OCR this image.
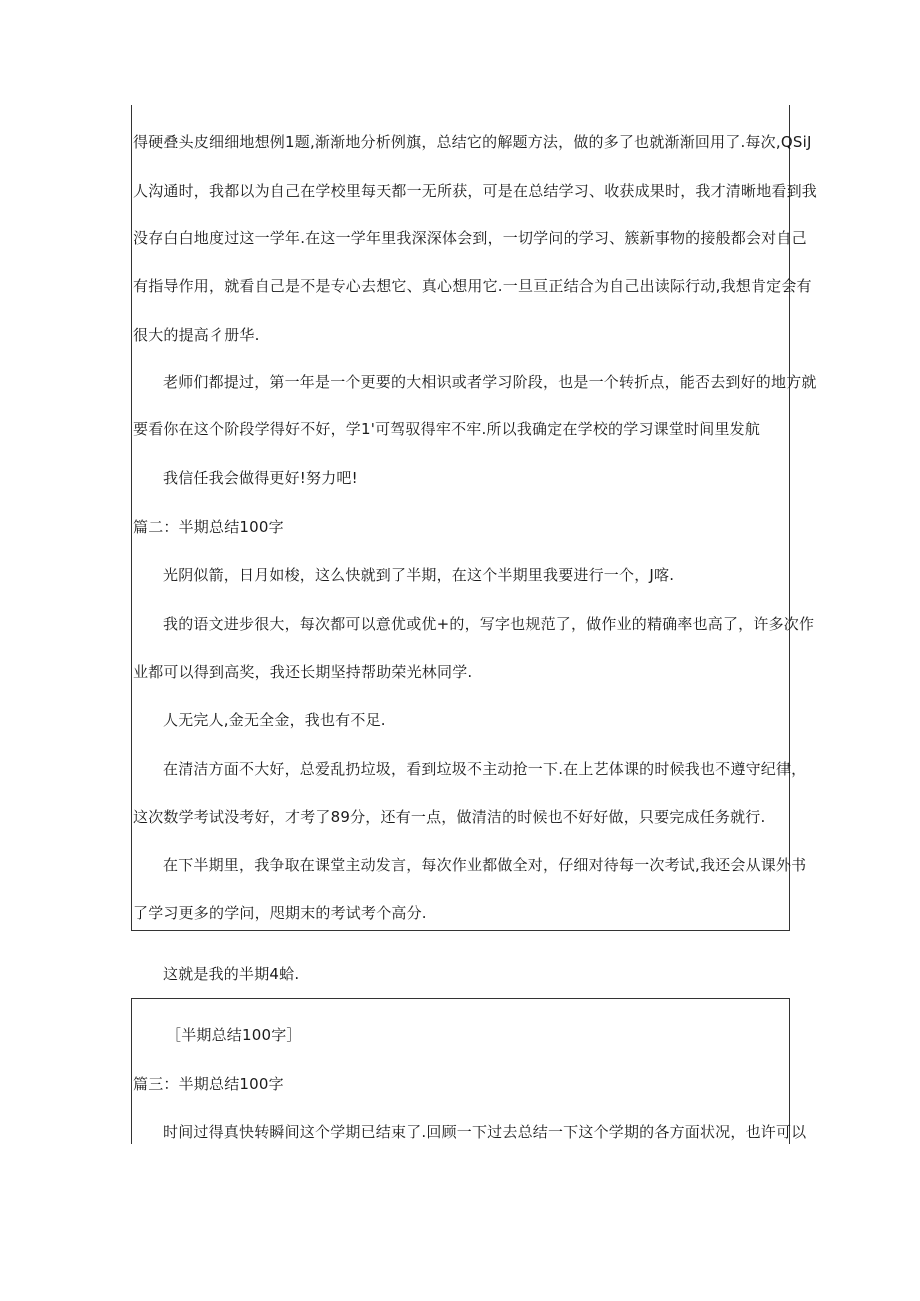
得硬叠头皮细细地想例1题,渐渐地分析例旗，总结它的解题方法，做的多了也就渐渐回用了.每次,QSiJ
人沟通时，我都以为自己在学校里每天都一无所获，可是在总结学习、收获成果时，我才清晰地看到我
没存白白地度过这一学年.在这一学年里我深深体会到，一切学问的学习、簇新事物的接般都会对自己
有指导作用，就看自己是不是专心去想它、真心想用它.一旦亘正结合为自己出读际行动,我想肯定会有
很大的提高彳册华.
老师们都提过，第一年是一个更要的大相识或者学习阶段，也是一个转折点，能否去到好的地方就
要看你在这个阶段学得好不好，学1'可驾驭得牢不牢.所以我确定在学校的学习课堂时间里发航
我信任我会做得更好!努力吧!
篇二：半期总结100字
光阴似箭，日月如梭，这么快就到了半期，在这个半期里我要进行一个，J喀.
我的语文进步很大，每次都可以意优或优+的，写字也规范了，做作业的精确率也高了，许多次作
业都可以得到高奖，我还长期坚持帮助荣光林同学.
人无完人,金无全金，我也有不足.
在清洁方面不大好，总爱乱扔垃圾，看到垃圾不主动抢一下.在上艺体课的时候我也不遵守纪律，
这次数学考试没考好，才考了89分，还有一点，做清洁的时候也不好好做，只要完成任务就行.
在下半期里，我争取在课堂主动发言，每次作业都做全对，仔细对待每一次考试,我还会从课外书
了学习更多的学问，咫期末的考试考个高分.
这就是我的半期4蛤.
［半期总结100字］
篇三：半期总结100字
时间过得真快转瞬间这个学期已结束了.回顾一下过去总结一下这个学期的各方面状况，也许可以
